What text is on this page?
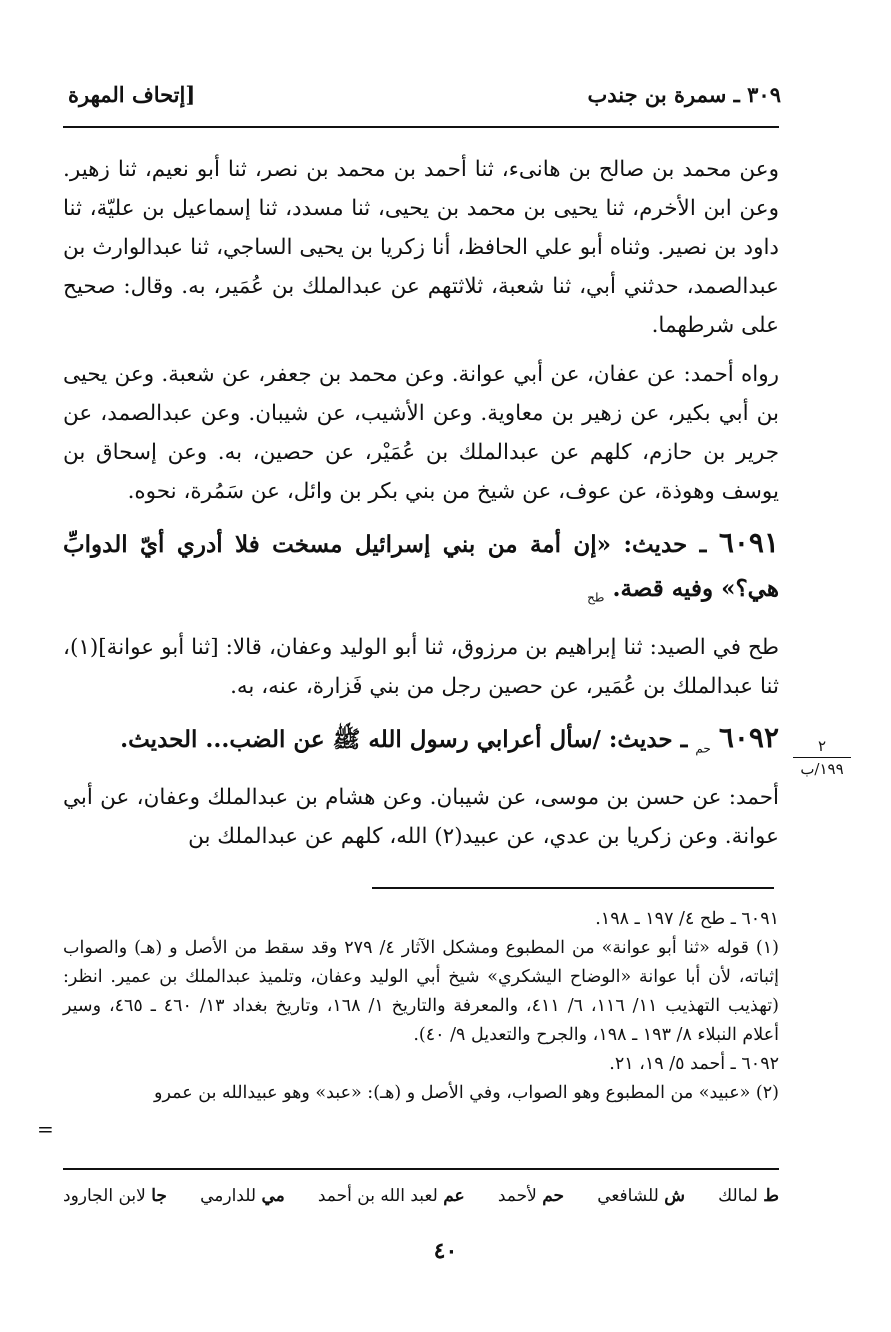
٣٠٩ ـ سمرة بن جندب
[إتحاف المهرة

وعن محمد بن صالح بن هانىء، ثنا أحمد بن محمد بن نصر، ثنا أبو نعيم، ثنا زهير. وعن ابن الأخرم، ثنا يحيى بن محمد بن يحيى، ثنا مسدد، ثنا إسماعيل بن عليّة، ثنا داود بن نصير. وثناه أبو علي الحافظ، أنا زكريا بن يحيى الساجي، ثنا عبدالوارث بن عبدالصمد، حدثني أبي، ثنا شعبة، ثلاثتهم عن عبدالملك بن عُمَير، به. وقال: صحيح على شرطهما.

رواه أحمد: عن عفان، عن أبي عوانة. وعن محمد بن جعفر، عن شعبة. وعن يحيى بن أبي بكير، عن زهير بن معاوية. وعن الأشيب، عن شيبان. وعن عبدالصمد، عن جرير بن حازم، كلهم عن عبدالملك بن عُمَيْر، عن حصين، به. وعن إسحاق بن يوسف وهوذة، عن عوف، عن شيخ من بني بكر بن وائل، عن سَمُرة، نحوه.

٦٠٩١ ـ حديث: «إن أمة من بني إسرائيل مسخت فلا أدري أيّ الدوابِّ هي؟» وفيه قصة. $_{طح}$

طح في الصيد: ثنا إبراهيم بن مرزوق، ثنا أبو الوليد وعفان، قالا: [ثنا أبو عوانة](١)، ثنا عبدالملك بن عُمَير، عن حصين رجل من بني فَزارة، عنه، به.

٦٠٩٢ $_{حم}$ ـ حديث: /سأل أعرابي رسول الله ﷺ عن الضب... الحديث.

أحمد: عن حسن بن موسى، عن شيبان. وعن هشام بن عبدالملك وعفان، عن أبي عوانة. وعن زكريا بن عدي، عن عبيد(٢) الله، كلهم عن عبدالملك بن

٢
١٩٩/ب
٦٠٩١ ـ طح ٤/ ١٩٧ ـ ١٩٨.
(١) قوله «ثنا أبو عوانة» من المطبوع ومشكل الآثار ٤/ ٢٧٩ وقد سقط من الأصل و (هـ) والصواب إثباته، لأن أبا عوانة «الوضاح اليشكري» شيخ أبي الوليد وعفان، وتلميذ عبدالملك بن عمير. انظر: (تهذيب التهذيب ١١/ ١١٦، ٦/ ٤١١، والمعرفة والتاريخ ١/ ١٦٨، وتاريخ بغداد ١٣/ ٤٦٠ ـ ٤٦٥، وسير أعلام النبلاء ٨/ ١٩٣ ـ ١٩٨، والجرح والتعديل ٩/ ٤٠).
٦٠٩٢ ـ أحمد ٥/ ١٩، ٢١.
(٢) «عبيد» من المطبوع وهو الصواب، وفي الأصل و (هـ): «عبد» وهو عبيدالله بن عمرو
=
ط لمالك
ش للشافعي
حم لأحمد
عم لعبد الله بن أحمد
مي للدارمي
جا لابن الجارود
٤٠
